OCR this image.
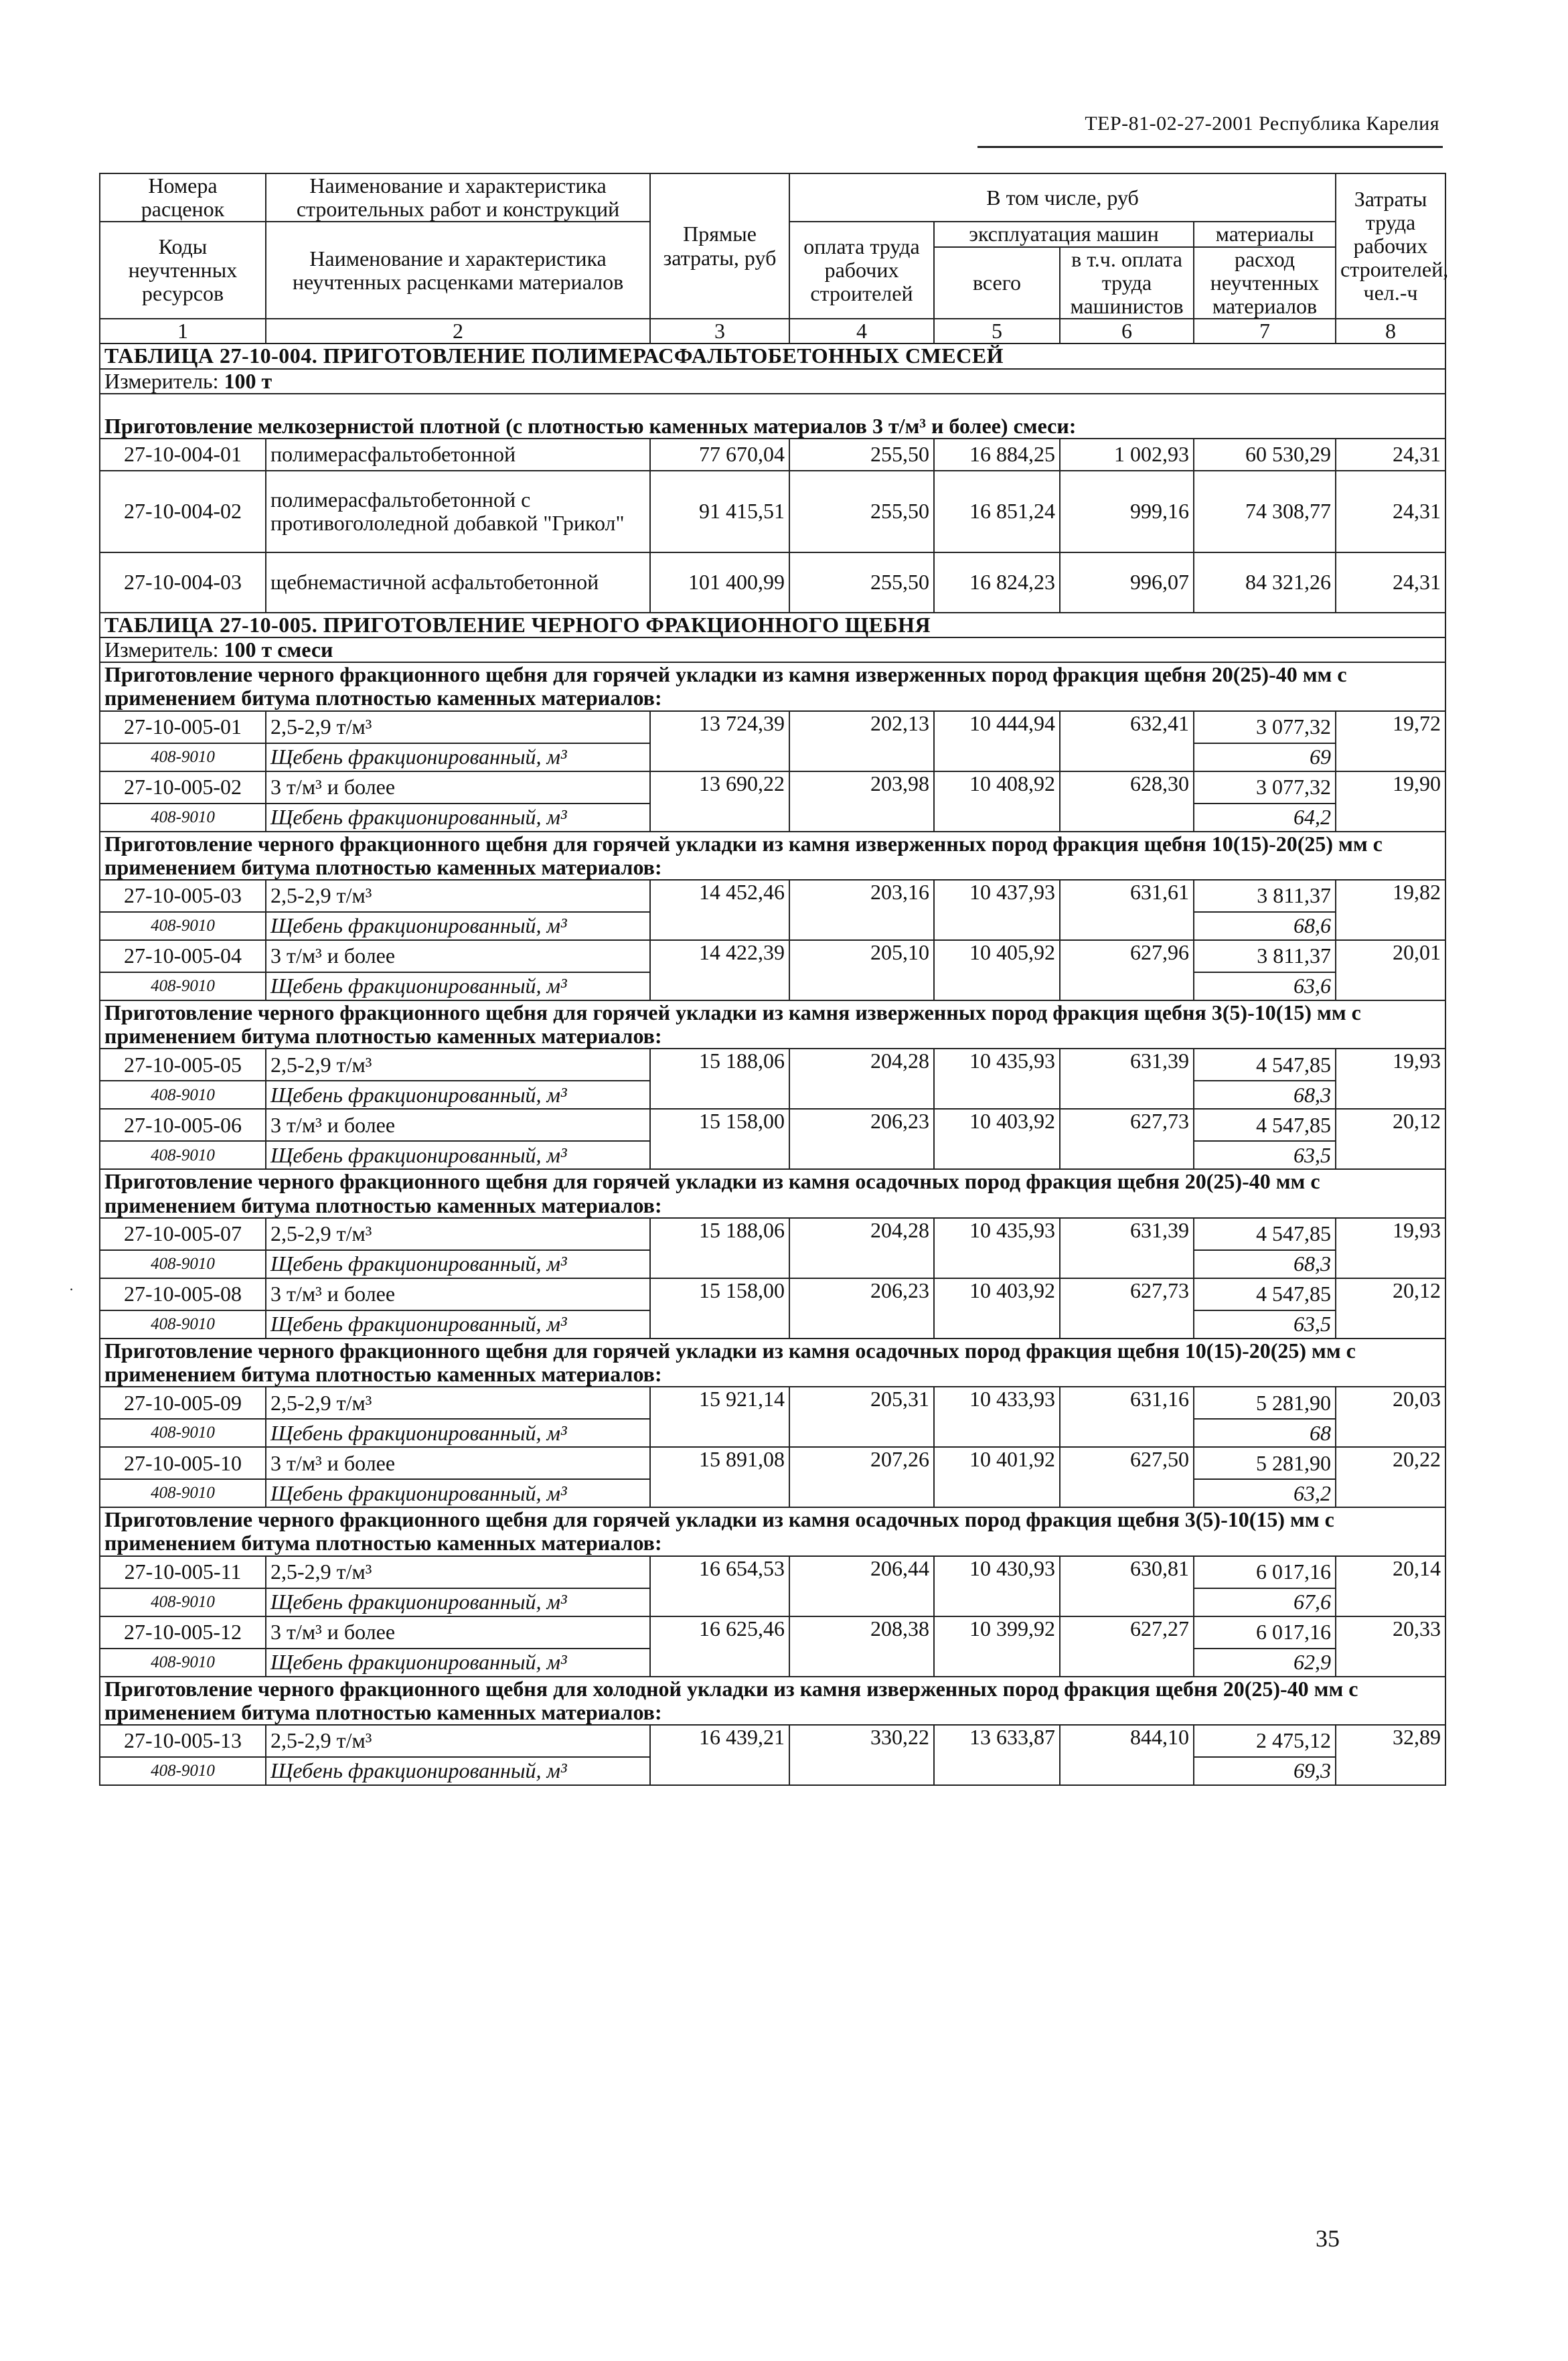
ТЕР-81-02-27-2001 Республика Карелия
Номера расценок	Наименование и характеристика строительных работ и конструкций	Прямые затраты, руб	В том числе, руб				Затраты труда рабочих строителей, чел.-ч
Коды неучтенных ресурсов	Наименование и характеристика неучтенных расценками материалов		оплата труда рабочих строителей	эксплуатация машин		материалы	
				всего	в т.ч. оплата труда машинистов	расход неучтенных материалов	
1	2	3	4	5	6	7	8
ТАБЛИЦА 27-10-004. ПРИГОТОВЛЕНИЕ ПОЛИМЕРАСФАЛЬТОБЕТОННЫХ СМЕСЕЙ							
Измеритель: 100 т							
Приготовление мелкозернистой плотной (с плотностью каменных материалов 3 т/м³ и более) смеси:							
27-10-004-01	полимерасфальтобетонной	77 670,04	255,50	16 884,25	1 002,93	60 530,29	24,31
27-10-004-02	полимерасфальтобетонной с противогололедной добавкой "Грикол"	91 415,51	255,50	16 851,24	999,16	74 308,77	24,31
27-10-004-03	щебнемастичной асфальтобетонной	101 400,99	255,50	16 824,23	996,07	84 321,26	24,31
ТАБЛИЦА 27-10-005. ПРИГОТОВЛЕНИЕ ЧЕРНОГО ФРАКЦИОННОГО ЩЕБНЯ							
Измеритель: 100 т смеси							
Приготовление черного фракционного щебня для горячей укладки из камня изверженных пород фракция щебня 20(25)-40 мм с применением битума плотностью каменных материалов:							
27-10-005-01	2,5-2,9 т/м³	13 724,39	202,13	10 444,94	632,41	3 077,32	19,72
408-9010	Щебень фракционированный, м³					69	
27-10-005-02	3 т/м³ и более	13 690,22	203,98	10 408,92	628,30	3 077,32	19,90
408-9010	Щебень фракционированный, м³					64,2	
Приготовление черного фракционного щебня для горячей укладки из камня изверженных пород фракция щебня 10(15)-20(25) мм с применением битума плотностью каменных материалов:							
27-10-005-03	2,5-2,9 т/м³	14 452,46	203,16	10 437,93	631,61	3 811,37	19,82
408-9010	Щебень фракционированный, м³					68,6	
27-10-005-04	3 т/м³ и более	14 422,39	205,10	10 405,92	627,96	3 811,37	20,01
408-9010	Щебень фракционированный, м³					63,6	
Приготовление черного фракционного щебня для горячей укладки из камня изверженных пород фракция щебня 3(5)-10(15) мм с применением битума плотностью каменных материалов:							
27-10-005-05	2,5-2,9 т/м³	15 188,06	204,28	10 435,93	631,39	4 547,85	19,93
408-9010	Щебень фракционированный, м³					68,3	
27-10-005-06	3 т/м³ и более	15 158,00	206,23	10 403,92	627,73	4 547,85	20,12
408-9010	Щебень фракционированный, м³					63,5	
Приготовление черного фракционного щебня для горячей укладки из камня осадочных пород фракция щебня 20(25)-40 мм с применением битума плотностью каменных материалов:							
27-10-005-07	2,5-2,9 т/м³	15 188,06	204,28	10 435,93	631,39	4 547,85	19,93
408-9010	Щебень фракционированный, м³					68,3	
27-10-005-08	3 т/м³ и более	15 158,00	206,23	10 403,92	627,73	4 547,85	20,12
408-9010	Щебень фракционированный, м³					63,5	
Приготовление черного фракционного щебня для горячей укладки из камня осадочных пород фракция щебня 10(15)-20(25) мм с применением битума плотностью каменных материалов:							
27-10-005-09	2,5-2,9 т/м³	15 921,14	205,31	10 433,93	631,16	5 281,90	20,03
408-9010	Щебень фракционированный, м³					68	
27-10-005-10	3 т/м³ и более	15 891,08	207,26	10 401,92	627,50	5 281,90	20,22
408-9010	Щебень фракционированный, м³					63,2	
Приготовление черного фракционного щебня для горячей укладки из камня осадочных пород фракция щебня 3(5)-10(15) мм с применением битума плотностью каменных материалов:							
27-10-005-11	2,5-2,9 т/м³	16 654,53	206,44	10 430,93	630,81	6 017,16	20,14
408-9010	Щебень фракционированный, м³					67,6	
27-10-005-12	3 т/м³ и более	16 625,46	208,38	10 399,92	627,27	6 017,16	20,33
408-9010	Щебень фракционированный, м³					62,9	
Приготовление черного фракционного щебня для холодной укладки из камня изверженных пород фракция щебня 20(25)-40 мм с применением битума плотностью каменных материалов:							
27-10-005-13	2,5-2,9 т/м³	16 439,21	330,22	13 633,87	844,10	2 475,12	32,89
408-9010	Щебень фракционированный, м³					69,3	
·
35
